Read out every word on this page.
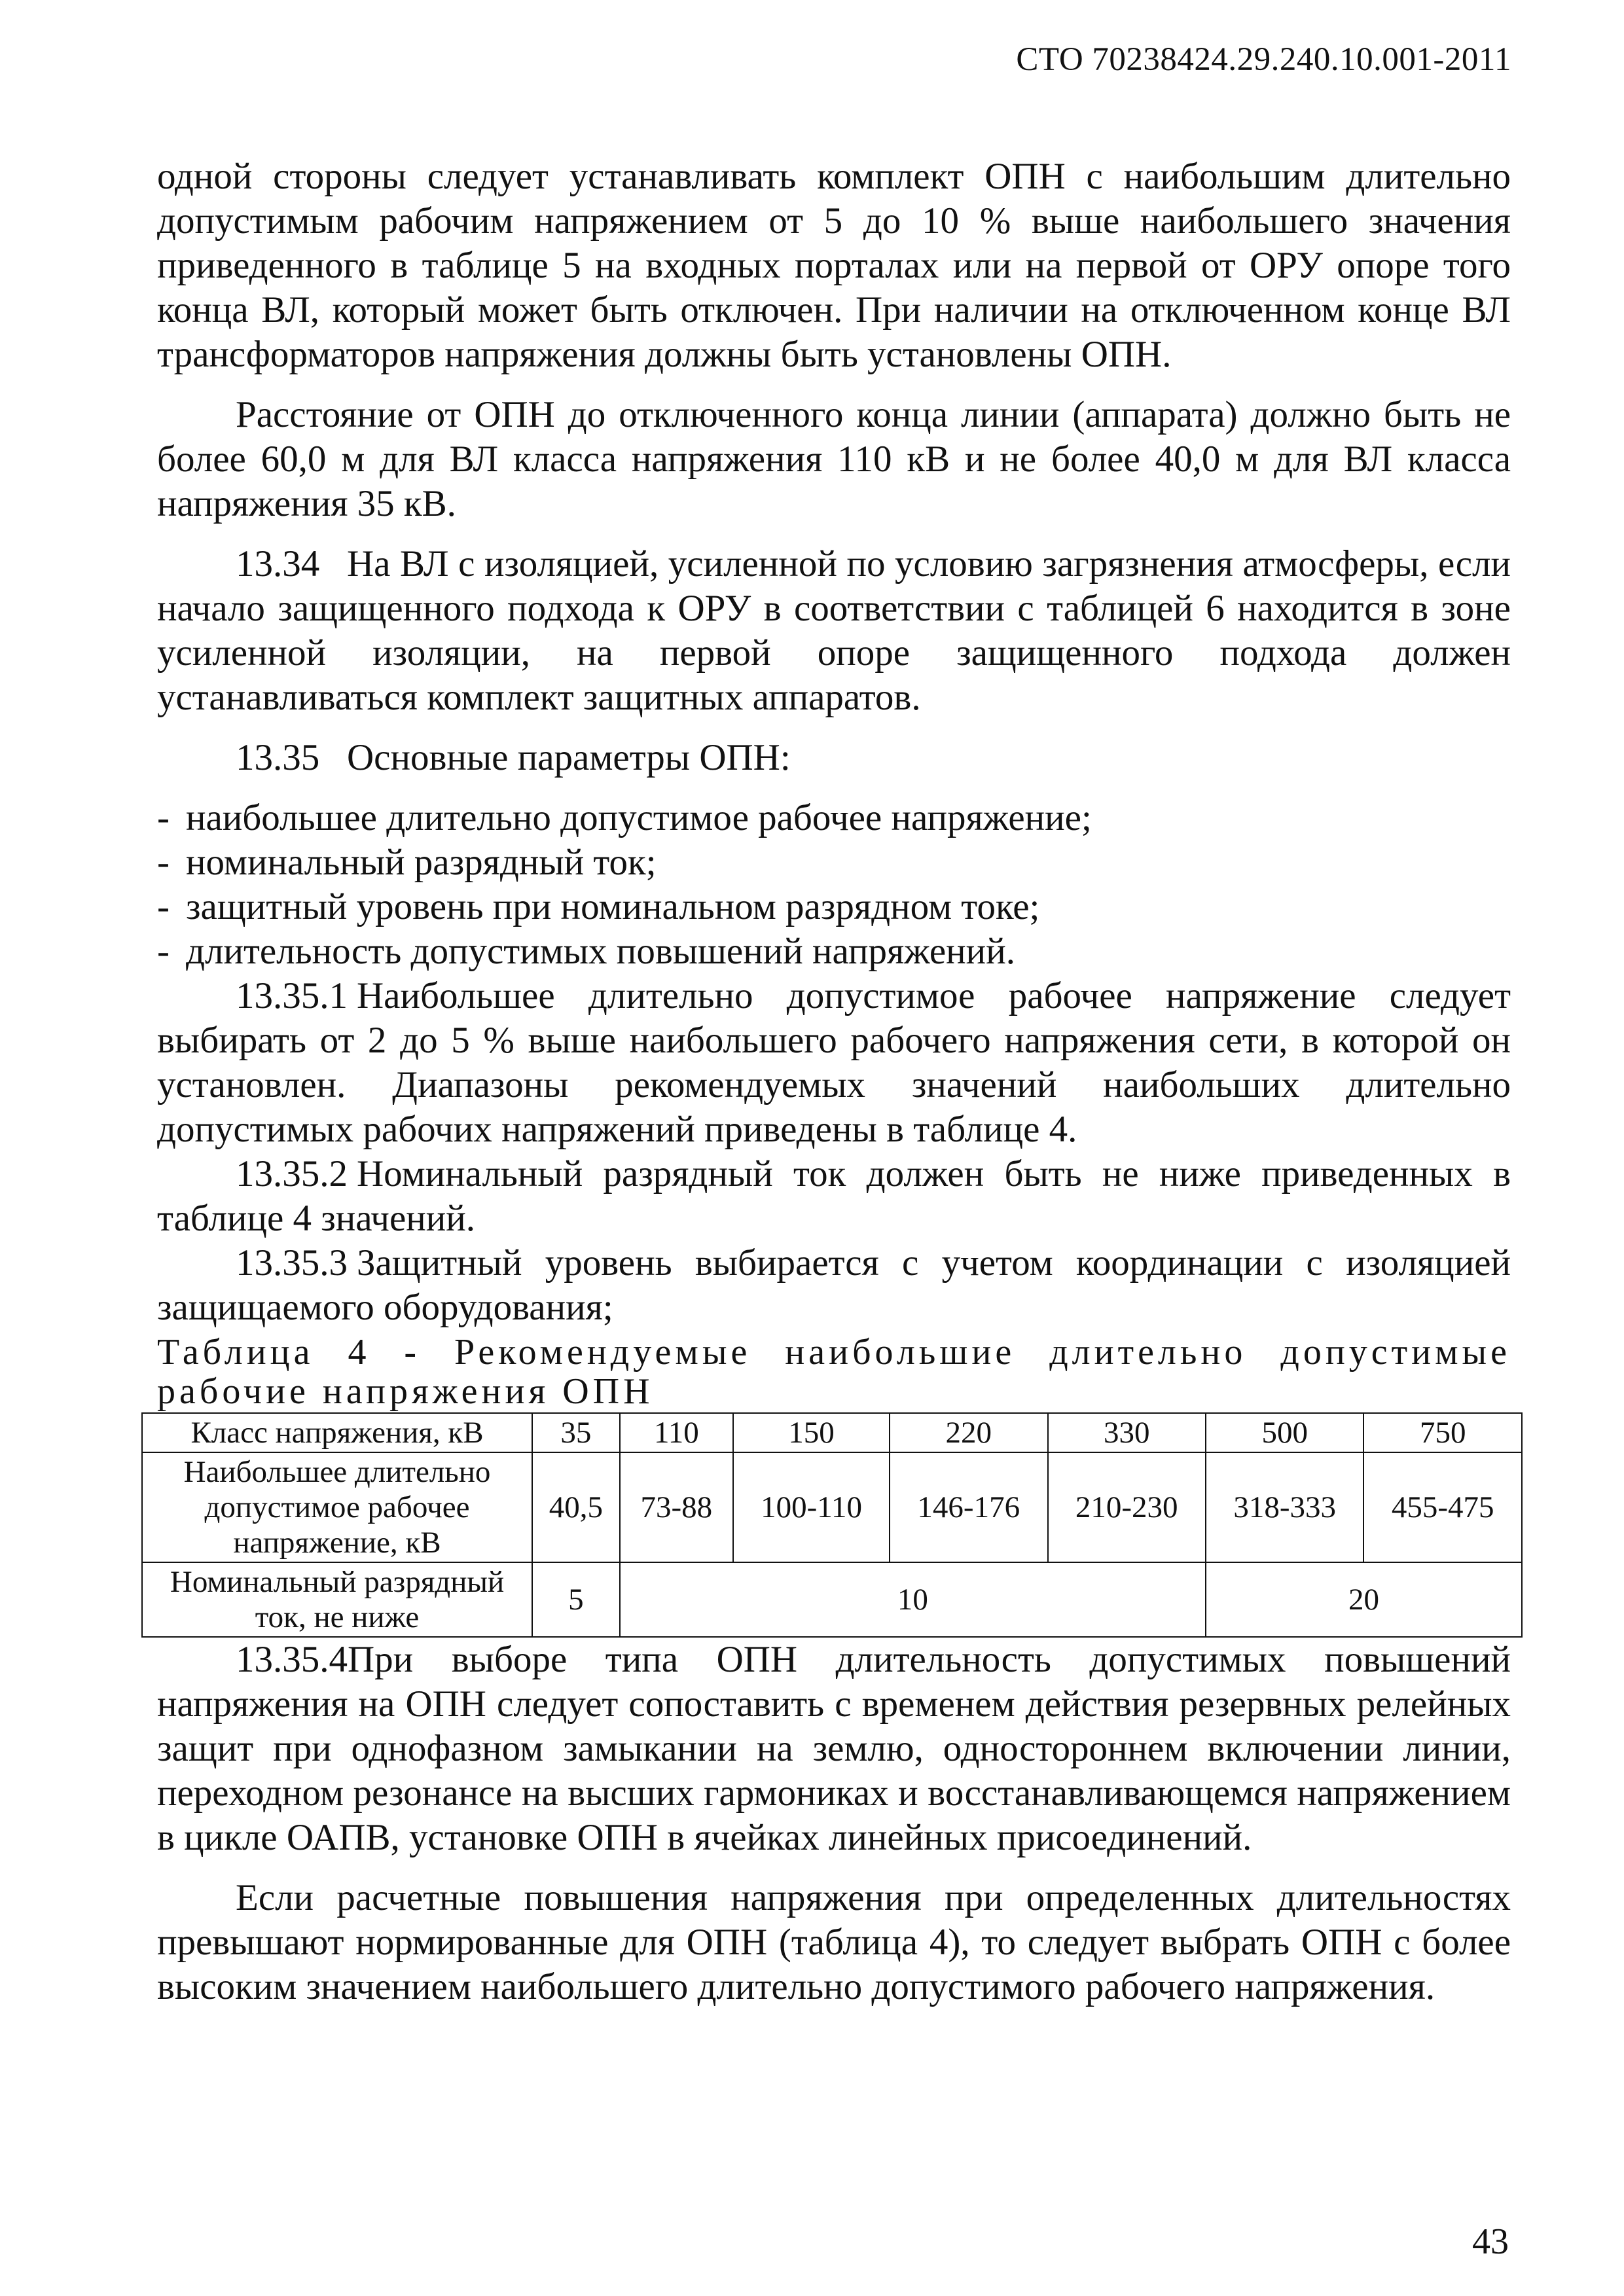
СТО 70238424.29.240.10.001-2011

одной стороны следует устанавливать комплект ОПН с наибольшим длительно допустимым рабочим напряжением от 5 до 10 % выше наибольшего значения приведенного в таблице 5 на входных порталах или на первой от ОРУ опоре того конца ВЛ, который может быть отключен. При наличии на отключенном конце ВЛ трансформаторов напряжения должны быть установлены ОПН.

Расстояние от ОПН до отключенного конца линии (аппарата) должно быть не более 60,0 м для ВЛ класса напряжения 110 кВ и не более 40,0 м для ВЛ класса напряжения 35 кВ.

13.34 На ВЛ с изоляцией, усиленной по условию загрязнения атмосферы, если начало защищенного подхода к ОРУ в соответствии с таблицей 6 находится в зоне усиленной изоляции, на первой опоре защищенного подхода должен устанавливаться комплект защитных аппаратов.

13.35 Основные параметры ОПН:

- наибольшее длительно допустимое рабочее напряжение;
- номинальный разрядный ток;
- защитный уровень при номинальном разрядном токе;
- длительность допустимых повышений напряжений.

13.35.1 Наибольшее длительно допустимое рабочее напряжение следует выбирать от 2 до 5 % выше наибольшего рабочего напряжения сети, в которой он установлен. Диапазоны рекомендуемых значений наибольших длительно допустимых рабочих напряжений приведены в таблице 4.

13.35.2 Номинальный разрядный ток должен быть не ниже приведенных в таблице 4 значений.

13.35.3 Защитный уровень выбирается с учетом координации с изоляцией защищаемого оборудования;

Таблица 4 - Рекомендуемые наибольшие длительно допустимые рабочие напряжения ОПН
Класс напряжения, кВ	35	110	150	220	330	500	750
Наибольшее длительно допустимое рабочее напряжение, кВ	40,5	73-88	100-110	146-176	210-230	318-333	455-475
Номинальный разрядный ток, не ниже	5	10				20	

13.35.4При выборе типа ОПН длительность допустимых повышений напряжения на ОПН следует сопоставить с временем действия резервных релейных защит при однофазном замыкании на землю, одностороннем включении линии, переходном резонансе на высших гармониках и восстанавливающемся напряжением в цикле ОАПВ, установке ОПН в ячейках линейных присоединений.

Если расчетные повышения напряжения при определенных длительностях превышают нормированные для ОПН (таблица 4), то следует выбрать ОПН с более высоким значением наибольшего длительно допустимого рабочего напряжения.

43
